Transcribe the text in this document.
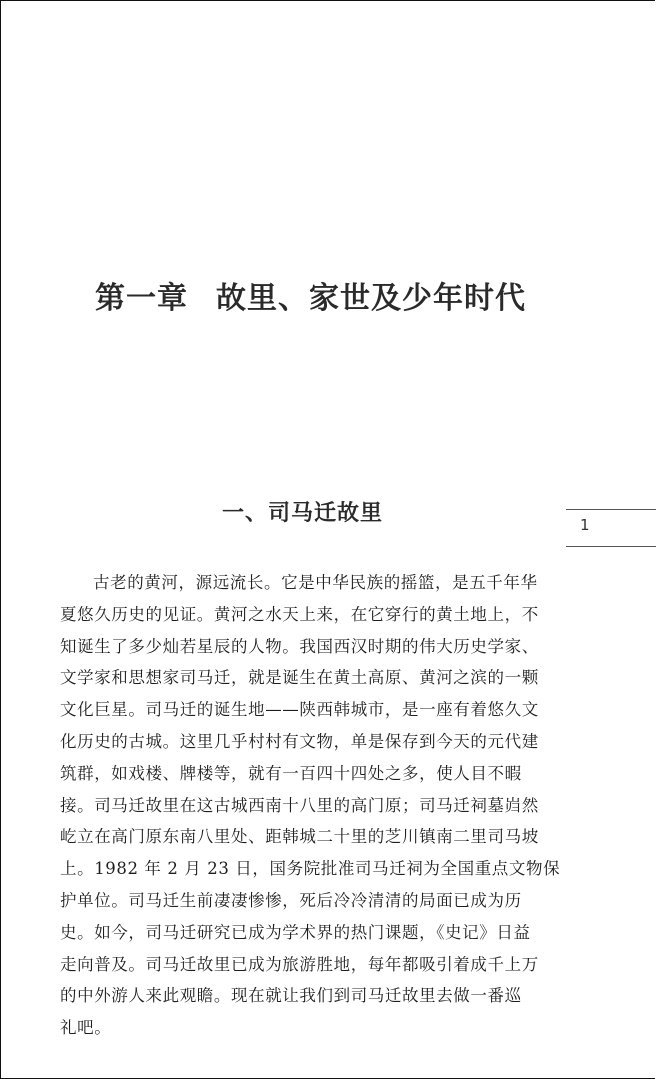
第一章 故里、家世及少年时代
一、司马迁故里	1
古老的黄河，源远流长。它是中华民族的摇篮，是五千年华
夏悠久历史的见证。黄河之水天上来，在它穿行的黄土地上，不
知诞生了多少灿若星辰的人物。我国西汉时期的伟大历史学家、
文学家和思想家司马迁，就是诞生在黄土高原、黄河之滨的一颗
文化巨星。司马迁的诞生地——陕西韩城市，是一座有着悠久文
化历史的古城。这里几乎村村有文物，单是保存到今天的元代建
筑群，如戏楼、牌楼等，就有一百四十四处之多，使人目不暇
接。司马迁故里在这古城西南十八里的高门原；司马迁祠墓岿然
屹立在高门原东南八里处、距韩城二十里的芝川镇南二里司马坡
上。1982 年 2 月 23 日，国务院批准司马迁祠为全国重点文物保
护单位。司马迁生前凄凄惨惨，死后冷冷清清的局面已成为历
史。如今，司马迁研究已成为学术界的热门课题，《史记》日益
走向普及。司马迁故里已成为旅游胜地，每年都吸引着成千上万
的中外游人来此观瞻。现在就让我们到司马迁故里去做一番巡
礼吧。
